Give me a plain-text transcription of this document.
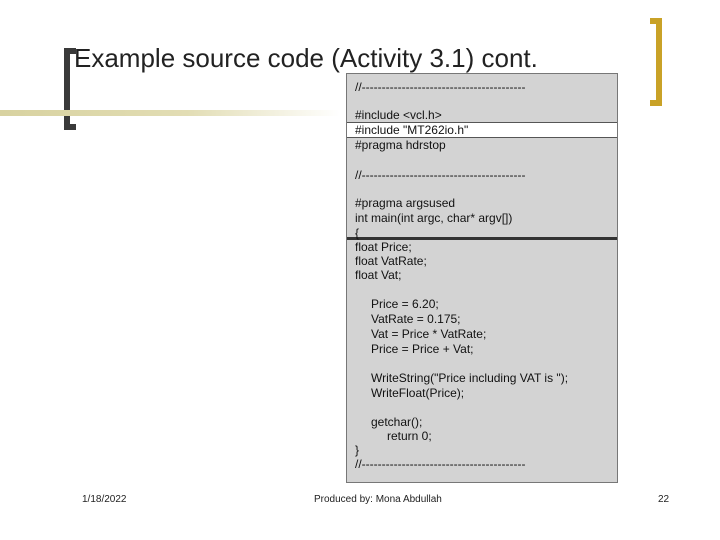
Example source code (Activity 3.1) cont.

//-----------------------------------------

#include <vcl.h>

#include "MT262io.h"

#pragma hdrstop

//-----------------------------------------

#pragma argsused

int main(int argc, char* argv[])

{

float Price;

float VatRate;

float Vat;

Price = 6.20;

VatRate = 0.175;

Vat = Price * VatRate;

Price = Price + Vat;

WriteString("Price including VAT is ");

WriteFloat(Price);

getchar();

return 0;

}

//-----------------------------------------

1/18/2022	Produced by: Mona Abdullah	22
